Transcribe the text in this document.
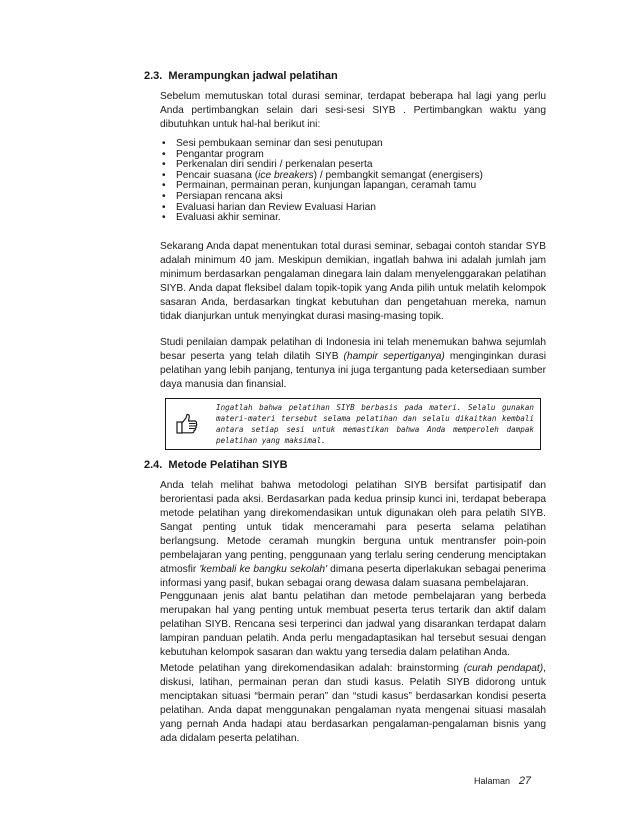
2.3. Merampungkan jadwal pelatihan

Sebelum memutuskan total durasi seminar, terdapat beberapa hal lagi yang perlu Anda pertimbangkan selain dari sesi-sesi SIYB . Pertimbangkan waktu yang dibutuhkan untuk hal-hal berikut ini:

• Sesi pembukaan seminar dan sesi penutupan
• Pengantar program
• Perkenalan diri sendiri / perkenalan peserta
• Pencair suasana (ice breakers) / pembangkit semangat (energisers)
• Permainan, permainan peran, kunjungan lapangan, ceramah tamu
• Persiapan rencana aksi
• Evaluasi harian dan Review Evaluasi Harian
• Evaluasi akhir seminar.

Sekarang Anda dapat menentukan total durasi seminar, sebagai contoh standar SYB adalah minimum 40 jam. Meskipun demikian, ingatlah bahwa ini adalah jumlah jam minimum berdasarkan pengalaman dinegara lain dalam menyelenggarakan pelatihan SIYB. Anda dapat fleksibel dalam topik-topik yang Anda pilih untuk melatih kelompok sasaran Anda, berdasarkan tingkat kebutuhan dan pengetahuan mereka, namun tidak dianjurkan untuk menyingkat durasi masing-masing topik.

Studi penilaian dampak pelatihan di Indonesia ini telah menemukan bahwa sejumlah besar peserta yang telah dilatih SIYB (hampir sepertiganya) menginginkan durasi pelatihan yang lebih panjang, tentunya ini juga tergantung pada ketersediaan sumber daya manusia dan finansial.

Ingatlah bahwa pelatihan SIYB berbasis pada materi. Selalu gunakan materi-materi tersebut selama pelatihan dan selalu dikaitkan kembali antara setiap sesi untuk memastikan bahwa Anda memperoleh dampak pelatihan yang maksimal.
2.4. Metode Pelatihan SIYB

Anda telah melihat bahwa metodologi pelatihan SIYB bersifat partisipatif dan berorientasi pada aksi. Berdasarkan pada kedua prinsip kunci ini, terdapat beberapa metode pelatihan yang direkomendasikan untuk digunakan oleh para pelatih SIYB. Sangat penting untuk tidak menceramahi para peserta selama pelatihan berlangsung. Metode ceramah mungkin berguna untuk mentransfer poin-poin pembelajaran yang penting, penggunaan yang terlalu sering cenderung menciptakan atmosfir 'kembali ke bangku sekolah' dimana peserta diperlakukan sebagai penerima informasi yang pasif, bukan sebagai orang dewasa dalam suasana pembelajaran.

Penggunaan jenis alat bantu pelatihan dan metode pembelajaran yang berbeda merupakan hal yang penting untuk membuat peserta terus tertarik dan aktif dalam pelatihan SIYB. Rencana sesi terperinci dan jadwal yang disarankan terdapat dalam lampiran panduan pelatih. Anda perlu mengadaptasikan hal tersebut sesuai dengan kebutuhan kelompok sasaran dan waktu yang tersedia dalam pelatihan Anda.

Metode pelatihan yang direkomendasikan adalah: brainstorming (curah pendapat), diskusi, latihan, permainan peran dan studi kasus. Pelatih SIYB didorong untuk menciptakan situasi “bermain peran” dan “studi kasus” berdasarkan kondisi peserta pelatihan. Anda dapat menggunakan pengalaman nyata mengenai situasi masalah yang pernah Anda hadapi atau berdasarkan pengalaman-pengalaman bisnis yang ada didalam peserta pelatihan.

Halaman 27
